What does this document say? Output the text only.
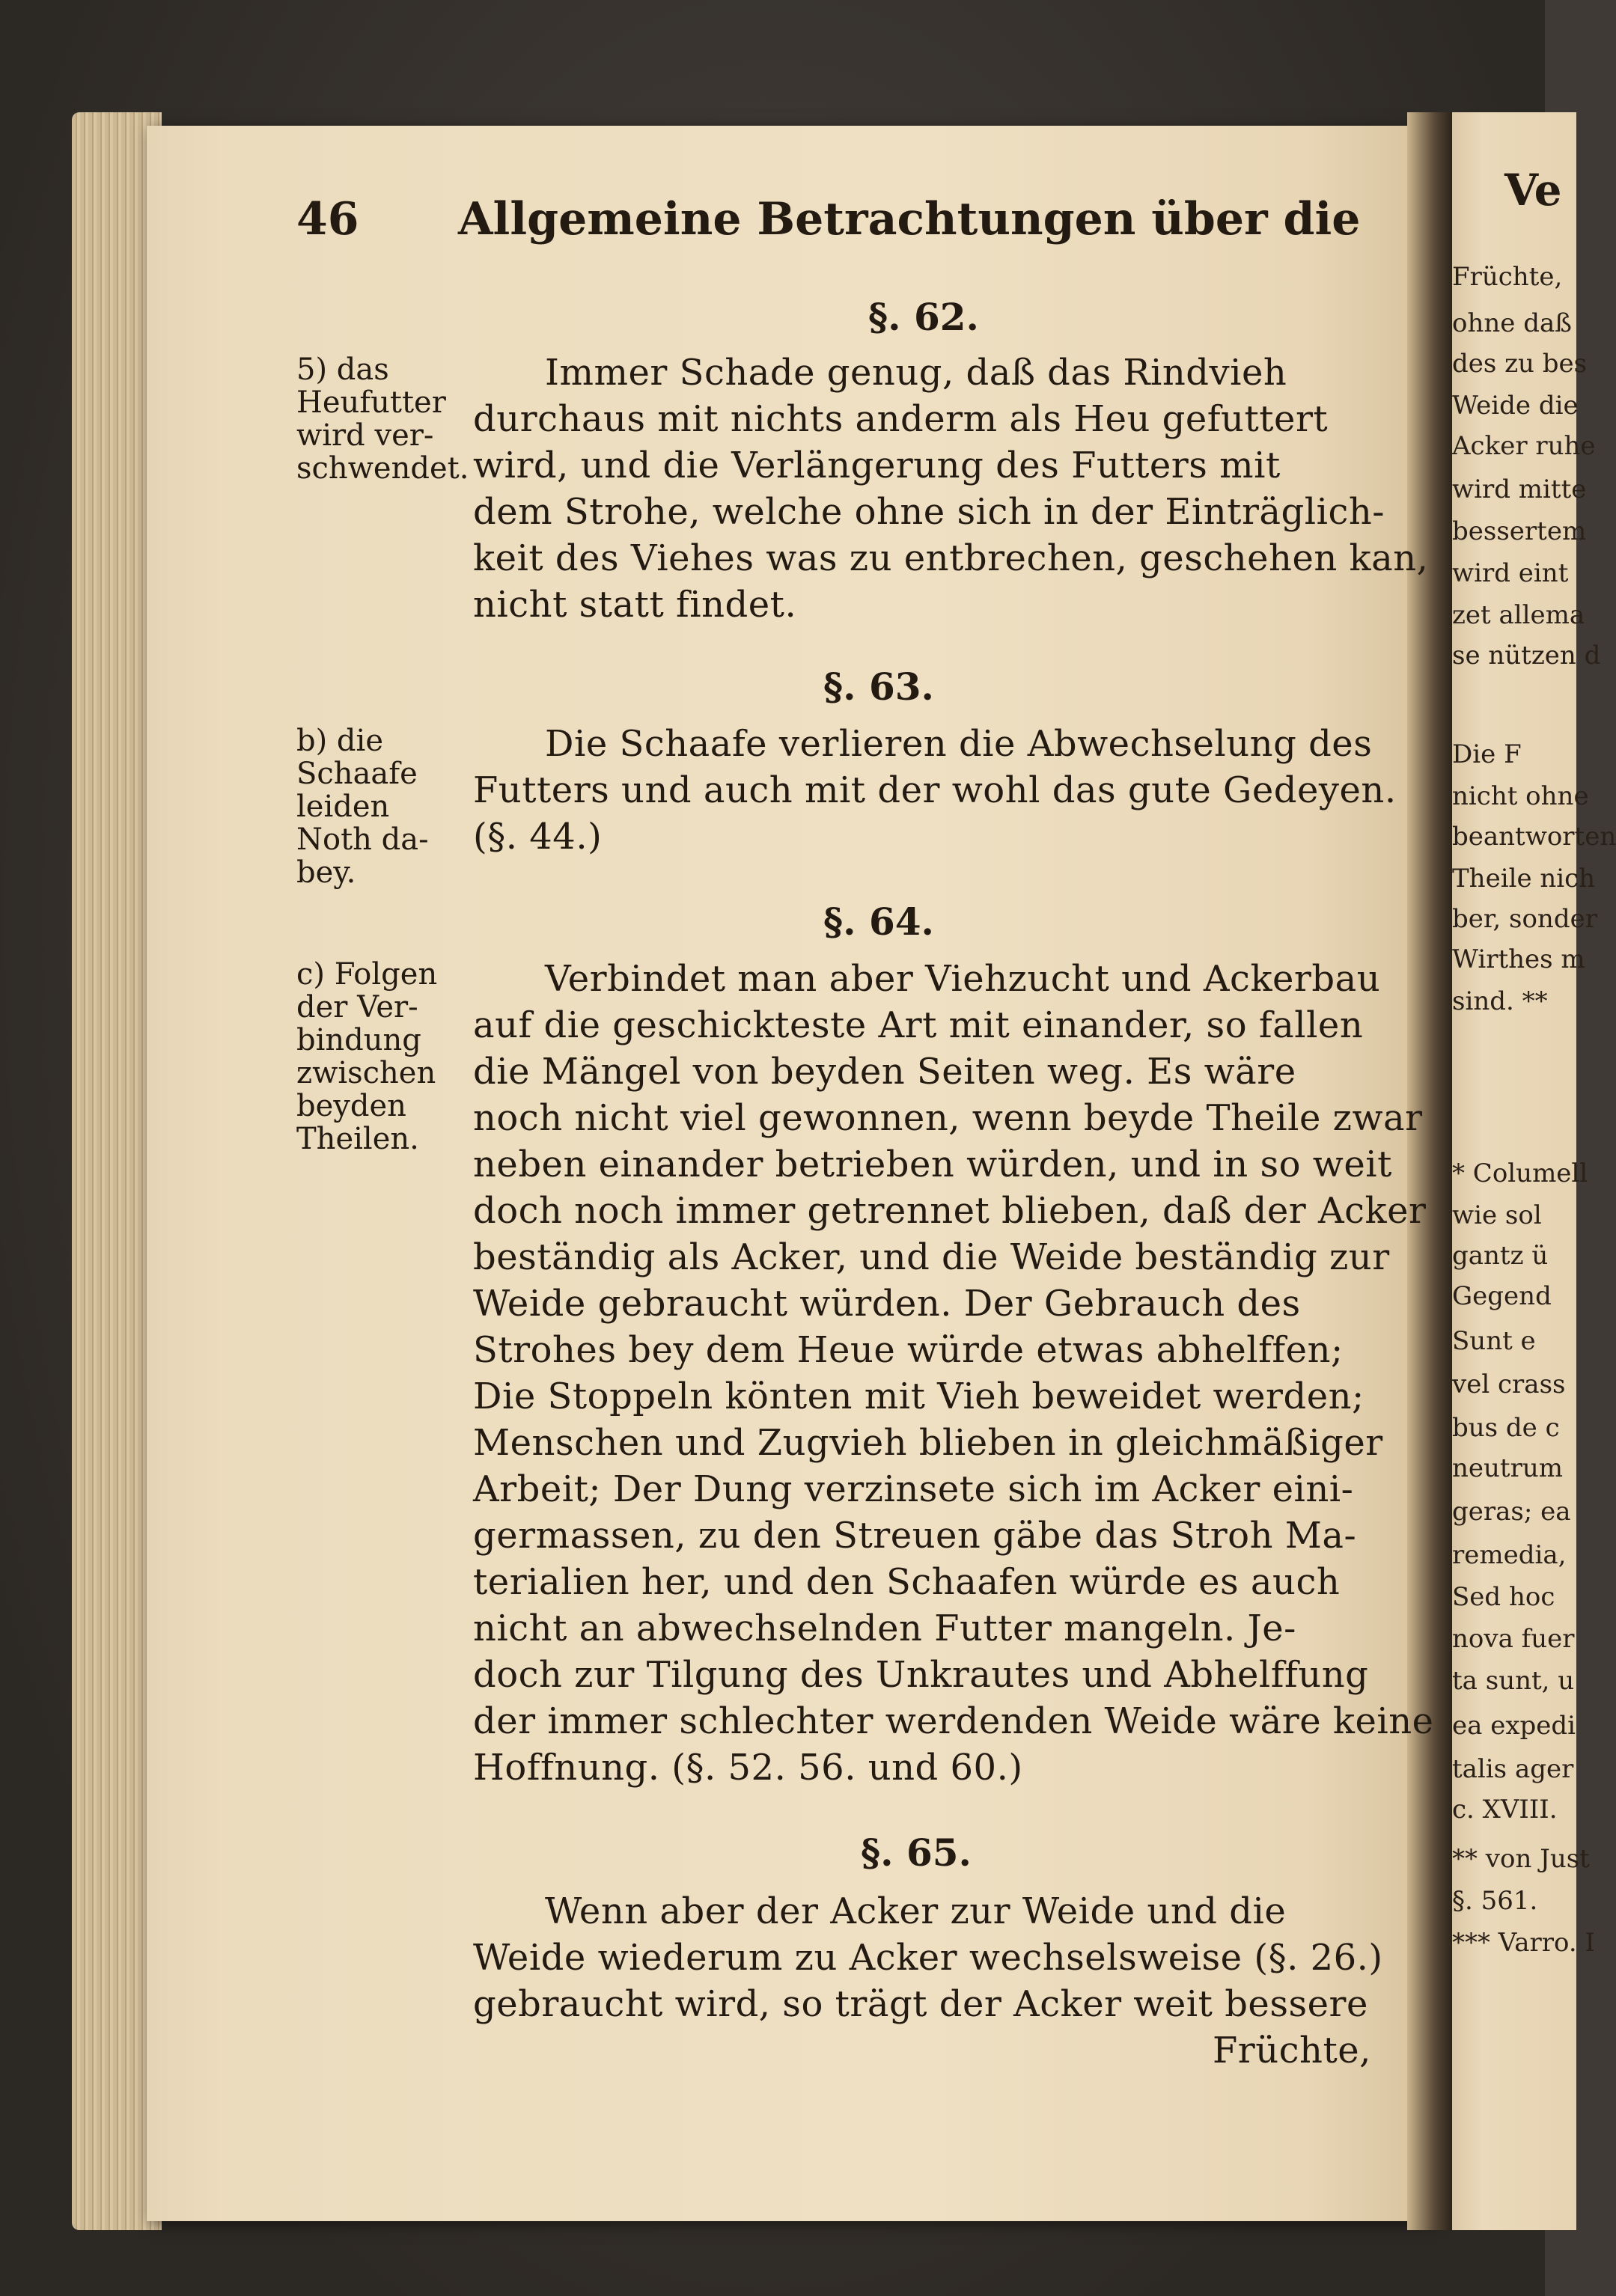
Früchte,
ohne daß
des zu bes
Weide die
Acker ruhe
wird mitte
bessertem
wird eint
zet allema
se nützen d
Die F
nicht ohne
beantworten
Theile nich
ber, sonder
Wirthes m
sind. **
* Columell
wie sol
gantz ü
Gegend
Sunt e
vel crass
bus de c
neutrum
geras; ea
remedia,
Sed hoc
nova fuer
ta sunt, u
ea expedi
talis ager
c. XVIII.
** von Just
§. 561.
*** Varro. I
Ve
46 Allgemeine Betrachtungen über die
§. 62.
5) das
Heufutter
wird ver-
schwendet.
Immer Schade genug, daß das Rindvieh
durchaus mit nichts anderm als Heu gefuttert
wird, und die Verlängerung des Futters mit
dem Strohe, welche ohne sich in der Einträglich-
keit des Viehes was zu entbrechen, geschehen kan,
nicht statt findet.
§. 63.
b) die
Schaafe
leiden
Noth da-
bey.
Die Schaafe verlieren die Abwechselung des
Futters und auch mit der wohl das gute Gedeyen.
(§. 44.)
§. 64.
c) Folgen
der Ver-
bindung
zwischen
beyden
Theilen.
Verbindet man aber Viehzucht und Ackerbau
auf die geschickteste Art mit einander, so fallen
die Mängel von beyden Seiten weg. Es wäre
noch nicht viel gewonnen, wenn beyde Theile zwar
neben einander betrieben würden, und in so weit
doch noch immer getrennet blieben, daß der Acker
beständig als Acker, und die Weide beständig zur
Weide gebraucht würden. Der Gebrauch des
Strohes bey dem Heue würde etwas abhelffen;
Die Stoppeln könten mit Vieh beweidet werden;
Menschen und Zugvieh blieben in gleichmäßiger
Arbeit; Der Dung verzinsete sich im Acker eini-
germassen, zu den Streuen gäbe das Stroh Ma-
terialien her, und den Schaafen würde es auch
nicht an abwechselnden Futter mangeln. Je-
doch zur Tilgung des Unkrautes und Abhelffung
der immer schlechter werdenden Weide wäre keine
Hoffnung. (§. 52. 56. und 60.)
§. 65.
Wenn aber der Acker zur Weide und die
Weide wiederum zu Acker wechselsweise (§. 26.)
gebraucht wird, so trägt der Acker weit bessere
Früchte,
